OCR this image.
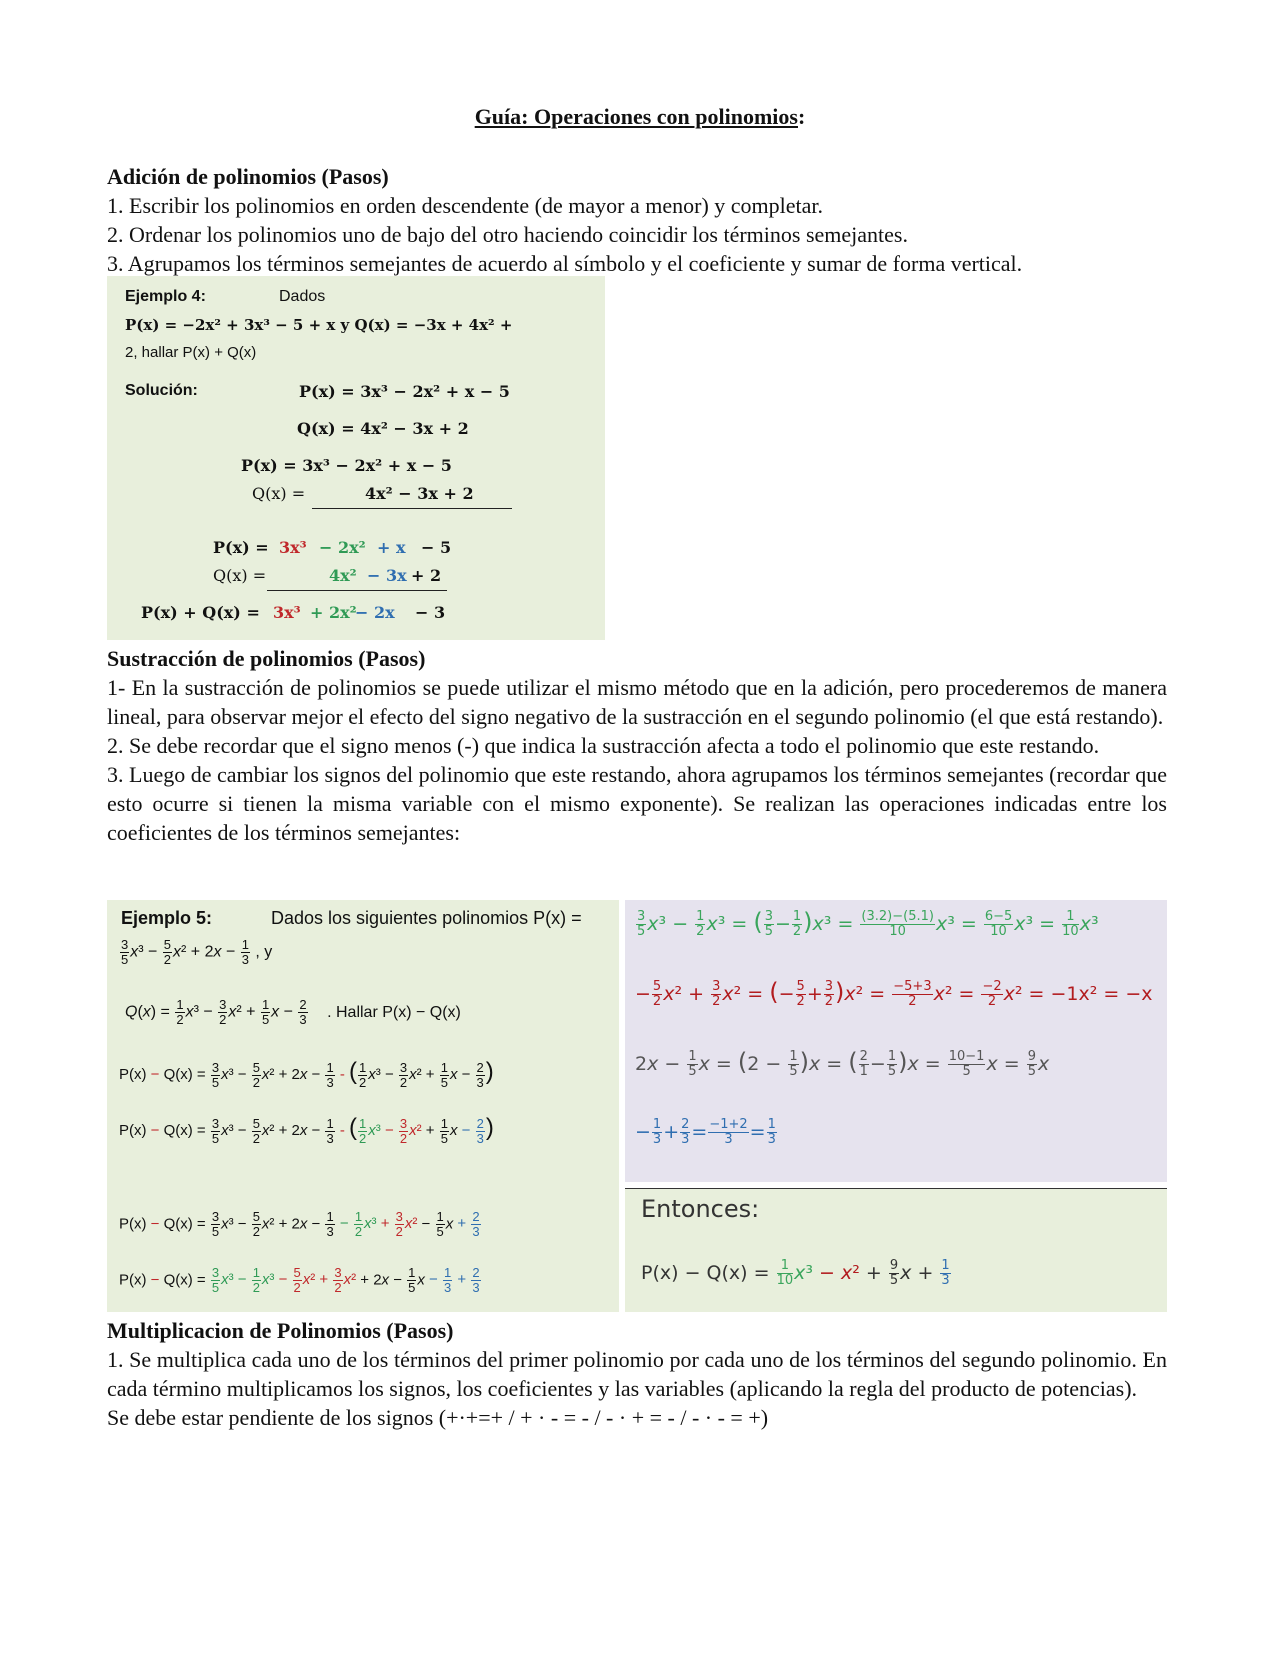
Guía: Operaciones con polinomios:

Adición de polinomios (Pasos)

1. Escribir los polinomios en orden descendente (de mayor a menor) y completar.

2. Ordenar los polinomios uno de bajo del otro haciendo coincidir los términos semejantes.

3. Agrupamos los términos semejantes de acuerdo al símbolo y el coeficiente y sumar de forma vertical.

Ejemplo 4:	Dados
P(x) = −2x² + 3x³ − 5 + x y Q(x) = −3x + 4x² +
2, hallar P(x) + Q(x)
Solución:	P(x) = 3x³ − 2x² + x − 5
Q(x) = 4x² − 3x + 2
P(x) = 3x³ − 2x² + x − 5
Q(x) =	4x² − 3x + 2
P(x) = 3x³ − 2x² + x − 5
Q(x) =	4x² − 3x + 2
P(x) + Q(x) = 3x³ + 2x²
− 2x − 3

Sustracción de polinomios (Pasos)

1- En la sustracción de polinomios se puede utilizar el mismo método que en la adición, pero procederemos de manera lineal, para observar mejor el efecto del signo negativo de la sustracción en el segundo polinomio (el que está restando).

2. Se debe recordar que el signo menos (-) que indica la sustracción afecta a todo el polinomio que este restando.

3. Luego de cambiar los signos del polinomio que este restando, ahora agrupamos los términos semejantes (recordar que esto ocurre si tienen la misma variable con el mismo exponente). Se realizan las operaciones indicadas entre los coeficientes de los términos semejantes:

Ejemplo 5:	Dados los siguientes polinomios P(x) =
$\frac{3}{5} x^3 - \frac{5}{2} x^2 + 2x - \frac{1}{3}$ , y
$Q(x) = \frac{1}{2} x^3 - \frac{3}{2} x^2 + \frac{1}{5}$ $x - \frac{2}{3}$ . Hallar P(x) − Q(x)
$P(x) - Q(x) = \frac{3}{5} x^3 - \frac{5}{2} x^2 + 2x - \frac{1}{3}$ - ( $\frac{1}{2} x^3 - \frac{3}{2} x^2 + \frac{1}{5}$ $x - \frac{2}{3}$ )
$P(x) - Q(x) = \frac{3}{5} x^3 - \frac{5}{2} x^2 + 2x - \frac{1}{3}$ - ( $\frac{1}{2} x^3 - \frac{3}{2} x^2 + \frac{1}{5}$ $x - \frac{2}{3}$ )
$P(x) - Q(x) = \frac{3}{5} x^3 - \frac{5}{2} x^2 + 2x - \frac{1}{3} - \frac{1}{2} x^3 + \frac{3}{2} x^2 - \frac{1}{5}$ $x + \frac{2}{3}$
$P(x) - Q(x) = \frac{3}{5} x^3 - \frac{1}{2} x^3 - \frac{5}{2} x^2 + \frac{3}{2} x^2 + 2x - \frac{1}{5}$ $x - \frac{1}{3} + \frac{2}{3}$
$\frac{3}{5} x^3 - \frac{1}{2} x^3$ = ( $\frac{3}{5} - \frac{1}{2} )x^3 = \frac{(3.2)-(5.1)}{10} x^3 = \frac{6-5}{10} x^3 = \frac{1}{10} x^3$
− $\frac{5}{2} x^2 + \frac{3}{2} x^2$ = (− $\frac{5}{2} + \frac{3}{2} )x^2 = \frac{-5+3}{2} x^2 = \frac{-2}{2} x^2 = -1x^2 = -x$
$2x - \frac{1}{5}$ $x = (2 - \frac{1}{5} )x$ = ( $\frac{2}{1} - \frac{1}{5} )x = \frac{10-1}{5}$ $x = \frac{9}{5}$ x
− $\frac{1}{3} + \frac{2}{3} = \frac{-1+2}{3} = \frac{1}{3}$
Entonces:
$P(x) - Q(x) = \frac{1}{10} x^3 - x^2 + \frac{9}{5}$ $x + \frac{1}{3}$

Multiplicacion de Polinomios (Pasos)

1. Se multiplica cada uno de los términos del primer polinomio por cada uno de los términos del segundo polinomio. En cada término multiplicamos los signos, los coeficientes y las variables (aplicando la regla del producto de potencias).

Se debe estar pendiente de los signos (+·+=+ / + · - = - / - · + = - / - · - = +)
